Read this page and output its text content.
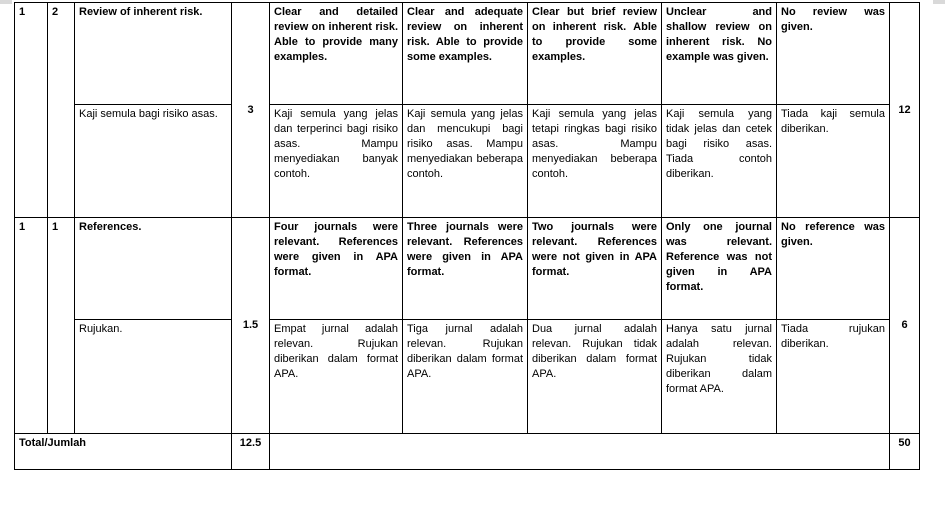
1	2	Review of inherent risk.	3	Clear and detailed review on inherent risk. Able to provide many examples.	Clear and adequate review on inherent risk. Able to provide some examples.	Clear but brief review on inherent risk. Able to provide some examples.	Unclear and shallow review on inherent risk. No example was given.	No review was given.	12
		Kaji semula bagi risiko asas.		Kaji semula yang jelas dan terperinci bagi risiko asas. Mampu menyediakan banyak contoh.	Kaji semula yang jelas dan mencukupi bagi risiko asas. Mampu menyediakan beberapa contoh.	Kaji semula yang jelas tetapi ringkas bagi risiko asas. Mampu menyediakan beberapa contoh.	Kaji semula yang tidak jelas dan cetek bagi risiko asas. Tiada contoh diberikan.	Tiada kaji semula diberikan.	
1	1	References.	1.5	Four journals were relevant. References were given in APA format.	Three journals were relevant. References were given in APA format.	Two journals were relevant. References were not given in APA format.	Only one journal was relevant. Reference was not given in APA format.	No reference was given.	6
		Rujukan.		Empat jurnal adalah relevan. Rujukan diberikan dalam format APA.	Tiga jurnal adalah relevan. Rujukan diberikan dalam format APA.	Dua jurnal adalah relevan. Rujukan tidak diberikan dalam format APA.	Hanya satu jurnal adalah relevan. Rujukan tidak diberikan dalam format APA.	Tiada rujukan diberikan.	
Total/Jumlah			12.5						50
